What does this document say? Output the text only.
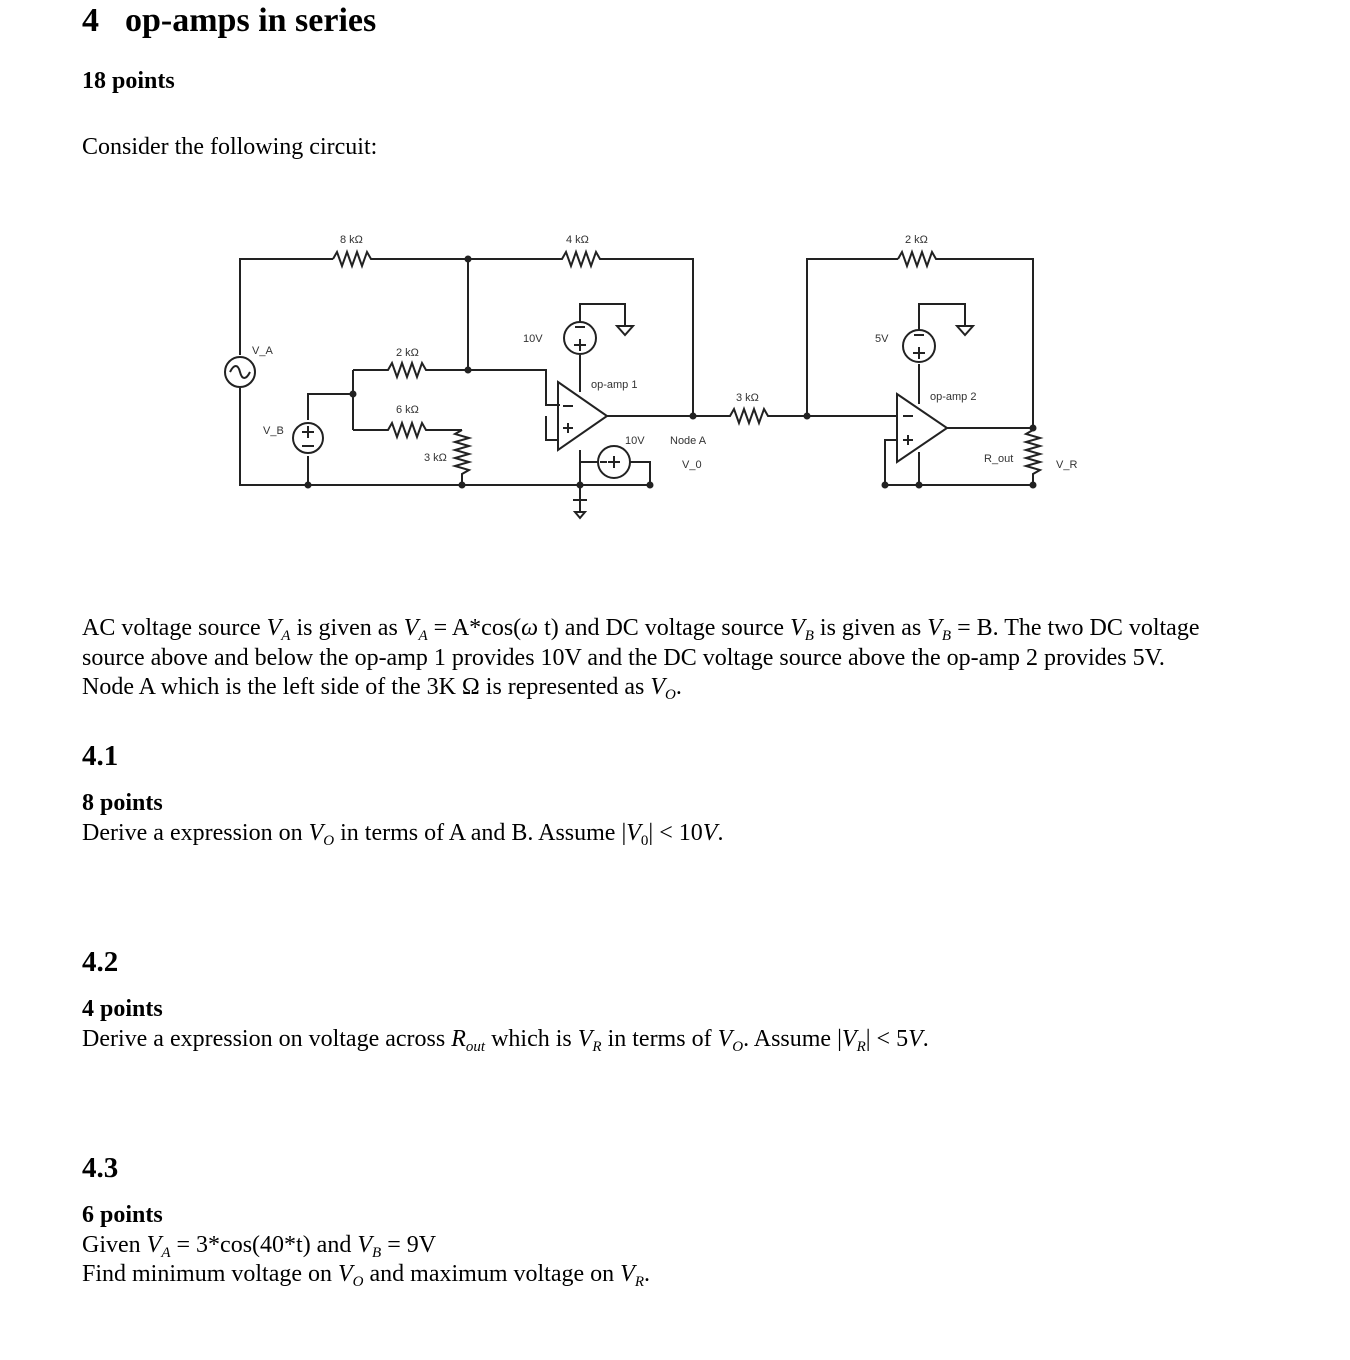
4 op-amps in series
18 points
Consider the following circuit:
8 kΩ	4 kΩ	2 kΩ
2 kΩ
6 kΩ
3 kΩ
3 kΩ
V_A
V_B
10V
10V
5V
op-amp 1
op-amp 2
Node A
V_0	R_out	V_R
AC voltage source $V_A$ is given as $V_A = A*\cos(\omega$ t) and DC voltage source $V_B$ is given as $V_B = B$. The two DC voltage
source above and below the op-amp 1 provides 10V and the DC voltage source above the op-amp 2 provides 5V.
Node A which is the left side of the 3K Ω is represented as $V_O$.
4.1
8 points
Derive a expression on $V_O$ in terms of A and B. Assume $|V_0| < 10V$.
4.2
4 points
Derive a expression on voltage across $R_{out}$ which is $V_R$ in terms of $V_O$. Assume $|V_R| < 5V$.
4.3
6 points
Given $V_A = 3*\cos(40*t)$ and $V_B = 9V$
Find minimum voltage on $V_O$ and maximum voltage on $V_R$.
